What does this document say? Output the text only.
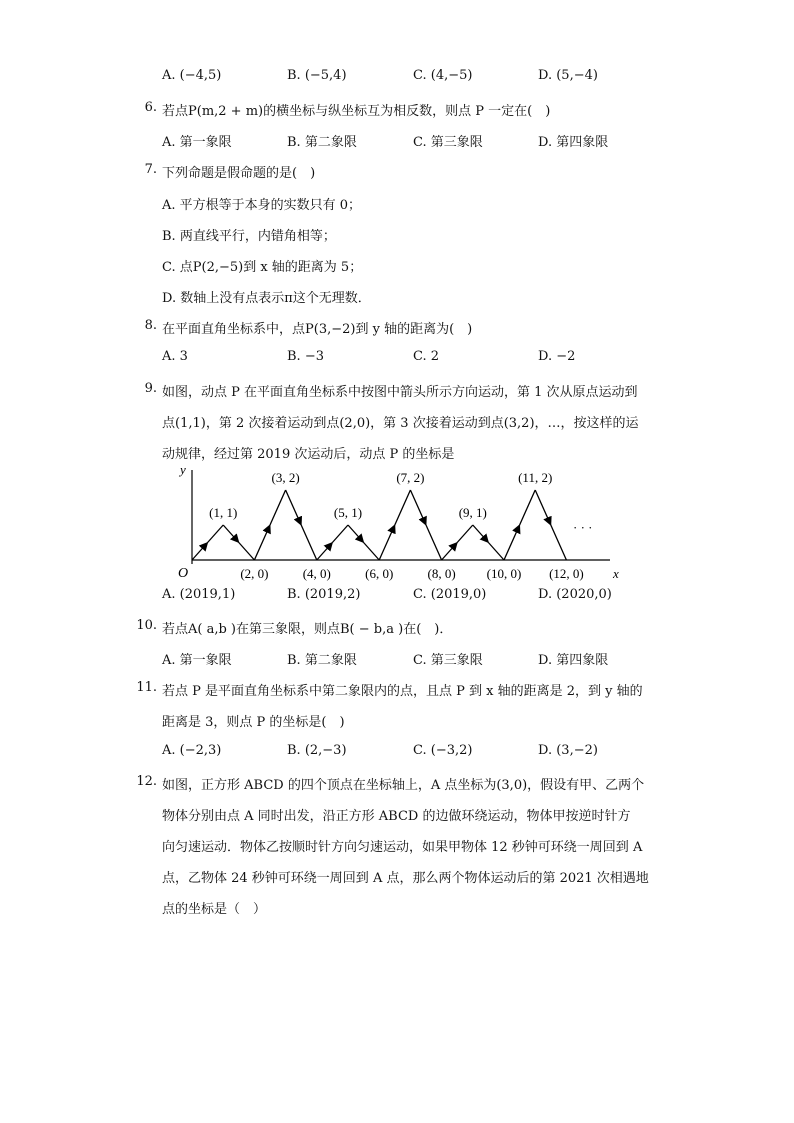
A. (−4,5)	B. (−5,4)	C. (4,−5)	D. (5,−4)
6. 若点P(m,2 + m)的横坐标与纵坐标互为相反数，则点 P 一定在(　)
A. 第一象限	B. 第二象限	C. 第三象限	D. 第四象限
7. 下列命题是假命题的是(　)
A. 平方根等于本身的实数只有 0；
B. 两直线平行，内错角相等；
C. 点P(2,−5)到 x 轴的距离为 5；
D. 数轴上没有点表示π这个无理数．
8. 在平面直角坐标系中，点P(3,−2)到 y 轴的距离为(　)
A. 3	B. −3	C. 2	D. −2
9. 如图，动点 P 在平面直角坐标系中按图中箭头所示方向运动，第 1 次从原点运动到
点(1,1)，第 2 次接着运动到点(2,0)，第 3 次接着运动到点(3,2)，…，按这样的运
动规律，经过第 2019 次运动后，动点 P 的坐标是
x
y
O
(1, 1)
(3, 2)
(5, 1)
(7, 2)
(9, 1)
(11, 2)
(2, 0)	(4, 0)	(6, 0)	(8, 0) (10, 0) (12, 0)
· · ·
A. (2019,1)	B. (2019,2)	C. (2019,0)	D. (2020,0)
10. 若点A( a,b )在第三象限，则点B( − b,a )在(　)．
A. 第一象限	B. 第二象限	C. 第三象限	D. 第四象限
11. 若点 P 是平面直角坐标系中第二象限内的点，且点 P 到 x 轴的距离是 2，到 y 轴的
距离是 3，则点 P 的坐标是(　)
A. (−2,3)	B. (2,−3)	C. (−3,2)	D. (3,−2)
12. 如图，正方形 ABCD 的四个顶点在坐标轴上，A 点坐标为(3,0)，假设有甲、乙两个
物体分别由点 A 同时出发，沿正方形 ABCD 的边做环绕运动，物体甲按逆时针方
向匀速运动．物体乙按顺时针方向匀速运动，如果甲物体 12 秒钟可环绕一周回到 A
点，乙物体 24 秒钟可环绕一周回到 A 点，那么两个物体运动后的第 2021 次相遇地
点的坐标是（　）
